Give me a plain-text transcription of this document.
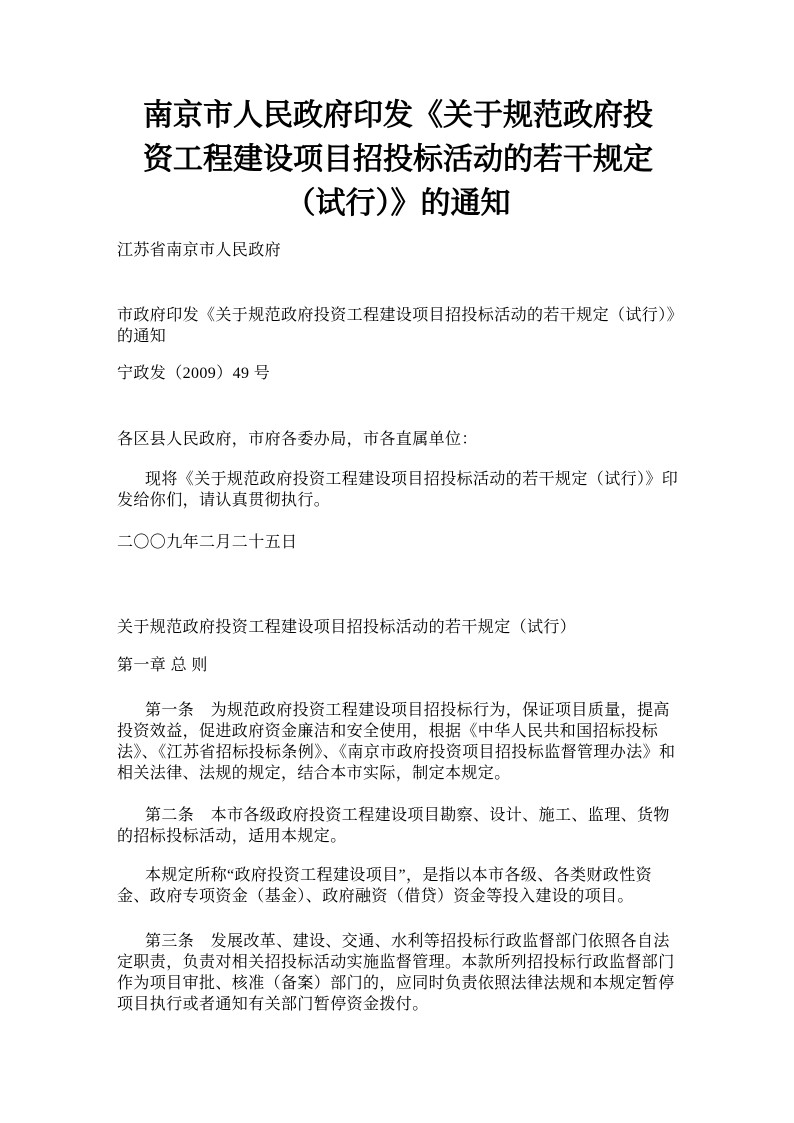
南京市人民政府印发《关于规范政府投
资工程建设项目招投标活动的若干规定
（试行）》的通知

江苏省南京市人民政府

市政府印发《关于规范政府投资工程建设项目招投标活动的若干规定（试行）》的通知

宁政发（2009）49 号

各区县人民政府，市府各委办局，市各直属单位：

现将《关于规范政府投资工程建设项目招投标活动的若干规定（试行）》印发给你们，请认真贯彻执行。

二〇〇九年二月二十五日

关于规范政府投资工程建设项目招投标活动的若干规定（试行）

第一章 总 则

第一条　为规范政府投资工程建设项目招投标行为，保证项目质量，提高投资效益，促进政府资金廉洁和安全使用，根据《中华人民共和国招标投标法》、《江苏省招标投标条例》、《南京市政府投资项目招投标监督管理办法》和相关法律、法规的规定，结合本市实际，制定本规定。

第二条　本市各级政府投资工程建设项目勘察、设计、施工、监理、货物的招标投标活动，适用本规定。

本规定所称“政府投资工程建设项目”，是指以本市各级、各类财政性资金、政府专项资金（基金）、政府融资（借贷）资金等投入建设的项目。

第三条　发展改革、建设、交通、水利等招投标行政监督部门依照各自法定职责，负责对相关招投标活动实施监督管理。本款所列招投标行政监督部门作为项目审批、核准（备案）部门的，应同时负责依照法律法规和本规定暂停项目执行或者通知有关部门暂停资金拨付。
